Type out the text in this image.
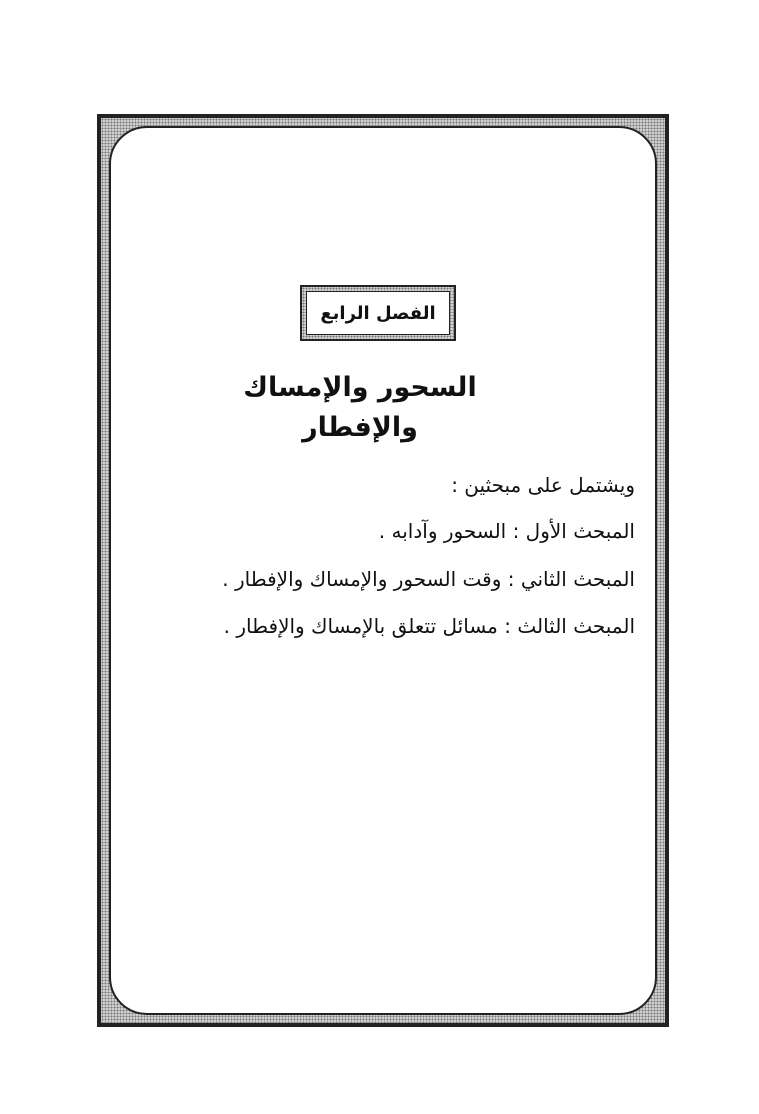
الفصل الرابع
السحور والإمساك والإفطار
ويشتمل على مبحثين :
المبحث الأول : السحور وآدابه .
المبحث الثاني : وقت السحور والإمساك والإفطار .
المبحث الثالث : مسائل تتعلق بالإمساك والإفطار .
